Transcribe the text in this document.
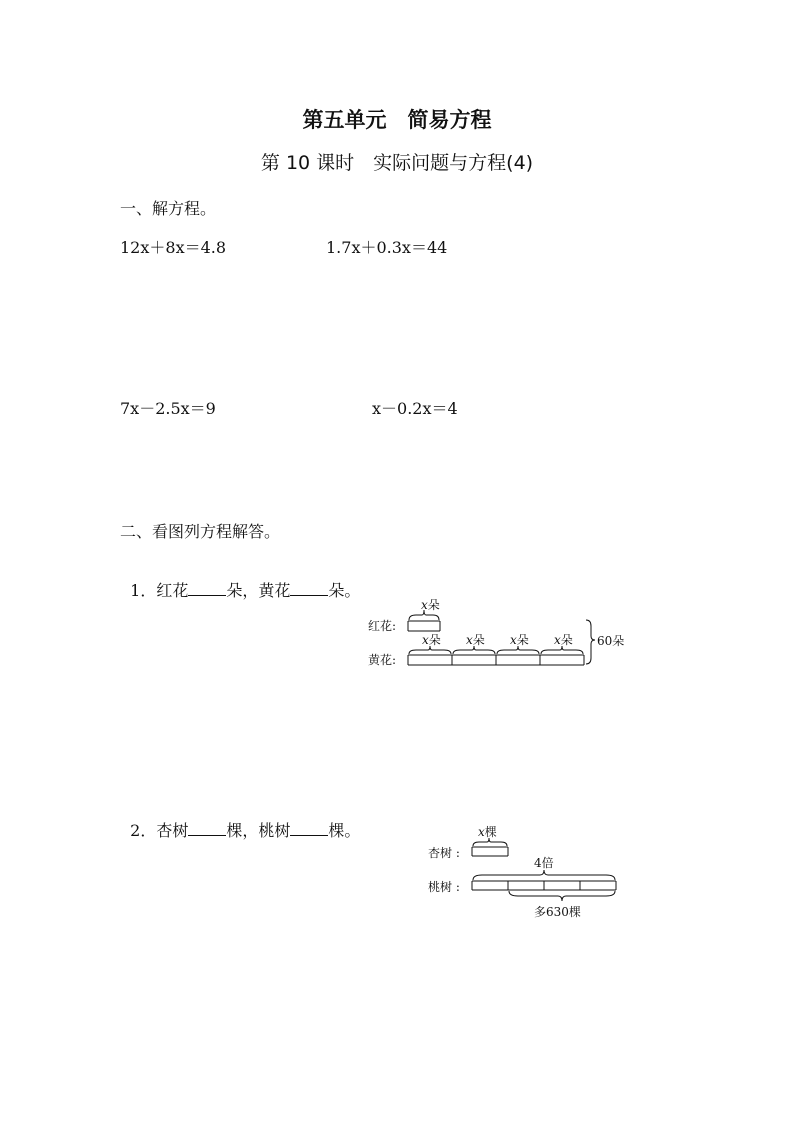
第五单元　简易方程
第 10 课时　实际问题与方程(4)
一、解方程。
12x＋8x＝4.8	1.7x＋0.3x＝44
7x－2.5x＝9	x－0.2x＝4
二、看图列方程解答。

1．红花 朵，黄花 朵。

红花:
x朵
黄花:
x朵 x朵 x朵 x朵 60朵

2．杏树 棵，桃树 棵。

杏树 :
x棵
桃树 :
4倍
多630棵
